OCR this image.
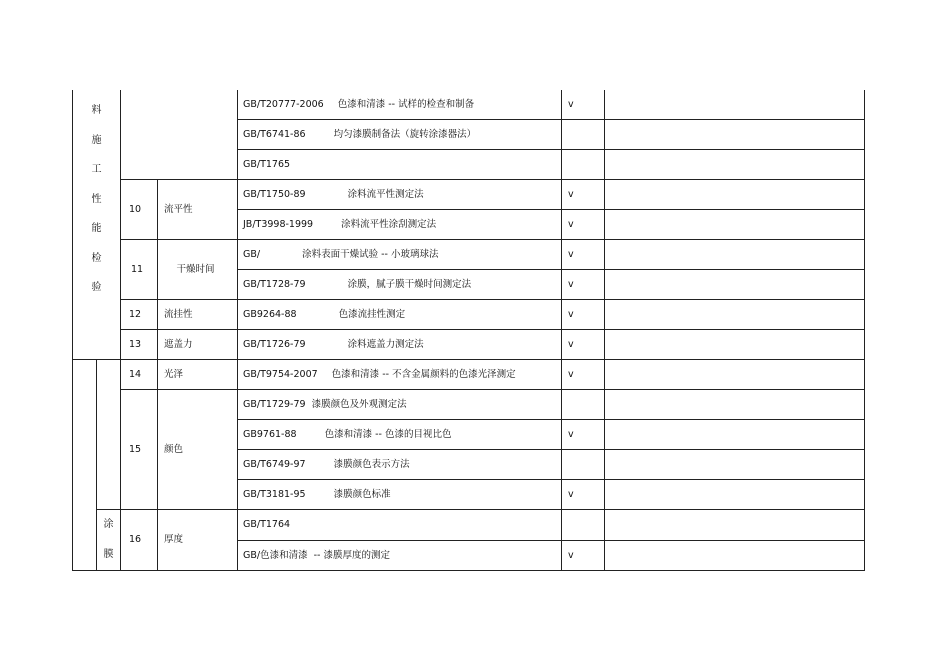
料施工性能检验				GB/T20777-2006 色漆和清漆 -- 试样的检查和制备	v	
				GB/T6741-86 均匀漆膜制备法（旋转涂漆器法）		
				GB/T1765		
		10	流平性	GB/T1750-89 涂料流平性测定法	v	
				JB/T3998-1999 涂料流平性涂刮测定法	v	
		11	干燥时间	GB/ 涂料表面干燥试验 -- 小玻璃球法	v	
				GB/T1728-79 涂膜，腻子膜干燥时间测定法	v	
		12	流挂性	GB9264-88 色漆流挂性测定	v	
		13	遮盖力	GB/T1726-79 涂料遮盖力测定法	v	
		14	光泽	GB/T9754-2007 色漆和清漆 -- 不含金属颜料的色漆光泽测定	v	
		15	颜色	GB/T1729-79 漆膜颜色及外观测定法		
				GB9761-88 色漆和清漆 -- 色漆的目视比色	v	
				GB/T6749-97 漆膜颜色表示方法		
				GB/T3181-95 漆膜颜色标准	v	
	涂膜	16	厚度	GB/T1764		
				GB/色漆和清漆 -- 漆膜厚度的测定	v	
